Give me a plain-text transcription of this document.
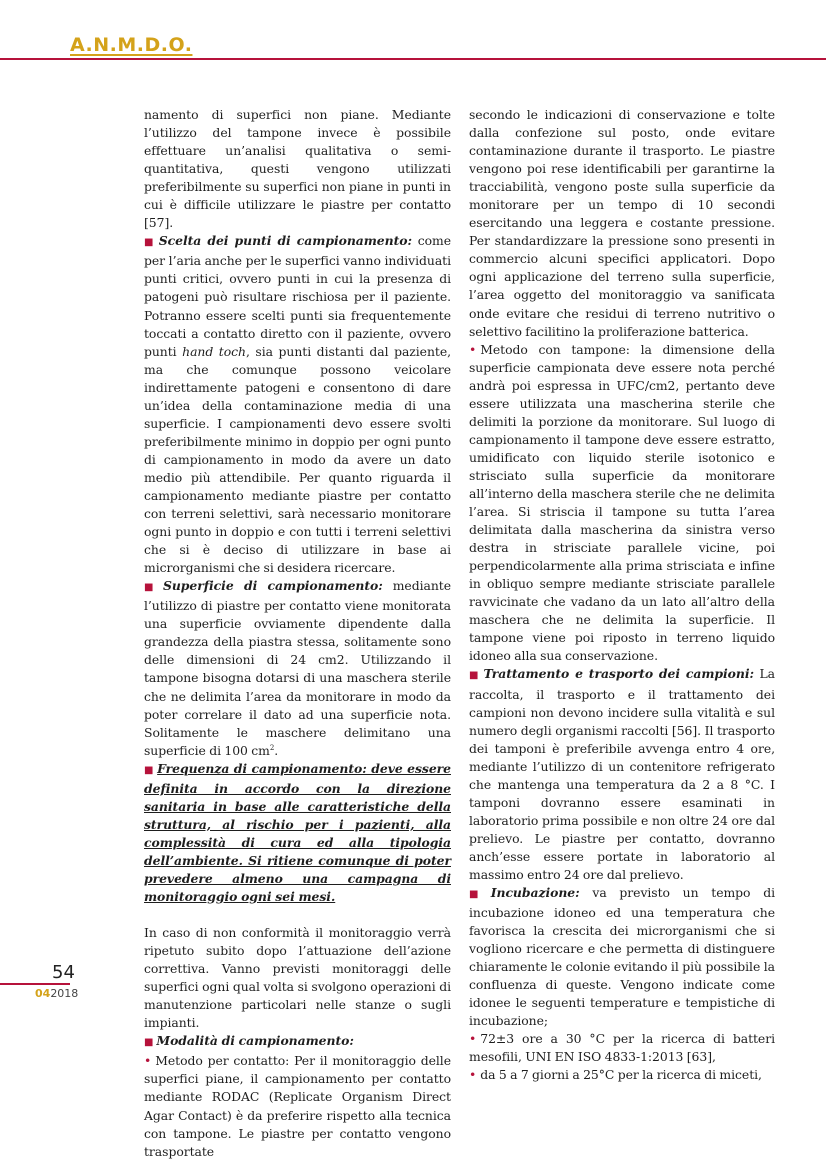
A.N.M.D.O.

namento di superfici non piane. Mediante l’utilizzo del tampone invece è possibile effettuare un’analisi qualitativa o semi-quantitativa, questi vengono utilizzati preferibilmente su superfici non piane in punti in cui è difficile utilizzare le piastre per contatto [57].

■ Scelta dei punti di campionamento: come per l’aria anche per le superfici vanno individuati punti critici, ovvero punti in cui la presenza di patogeni può risultare rischiosa per il paziente. Potranno essere scelti punti sia frequentemente toccati a contatto diretto con il paziente, ovvero punti hand toch, sia punti distanti dal paziente, ma che comunque possono veicolare indirettamente patogeni e consentono di dare un’idea della contaminazione media di una superficie. I campionamenti devo essere svolti preferibilmente minimo in doppio per ogni punto di campionamento in modo da avere un dato medio più attendibile. Per quanto riguarda il campionamento mediante piastre per contatto con terreni selettivi, sarà necessario monitorare ogni punto in doppio e con tutti i terreni selettivi che si è deciso di utilizzare in base ai microrganismi che si desidera ricercare.

■ Superficie di campionamento: mediante l’utilizzo di piastre per contatto viene monitorata una superficie ovviamente dipendente dalla grandezza della piastra stessa, solitamente sono delle dimensioni di 24 cm2. Utilizzando il tampone bisogna dotarsi di una maschera sterile che ne delimita l’area da monitorare in modo da poter correlare il dato ad una superficie nota. Solitamente le maschere delimitano una superficie di 100 $cm^2$.

■ Frequenza di campionamento: deve essere definita in accordo con la direzione sanitaria in base alle caratteristiche della struttura, al rischio per i pazienti, alla complessità di cura ed alla tipologia dell’ambiente. Si ritiene comunque di poter prevedere almeno una campagna di monitoraggio ogni sei mesi.

In caso di non conformità il monitoraggio verrà ripetuto subito dopo l’attuazione dell’azione correttiva. Vanno previsti monitoraggi delle superfici ogni qual volta si svolgono operazioni di manutenzione particolari nelle stanze o sugli impianti.

■ Modalità di campionamento:

• Metodo per contatto: Per il monitoraggio delle superfici piane, il campionamento per contatto mediante RODAC (Replicate Organism Direct Agar Contact) è da preferire rispetto alla tecnica con tampone. Le piastre per contatto vengono trasportate

secondo le indicazioni di conservazione e tolte dalla confezione sul posto, onde evitare contaminazione durante il trasporto. Le piastre vengono poi rese identificabili per garantirne la tracciabilità, vengono poste sulla superficie da monitorare per un tempo di 10 secondi esercitando una leggera e costante pressione. Per standardizzare la pressione sono presenti in commercio alcuni specifici applicatori. Dopo ogni applicazione del terreno sulla superficie, l’area oggetto del monitoraggio va sanificata onde evitare che residui di terreno nutritivo o selettivo facilitino la proliferazione batterica.

• Metodo con tampone: la dimensione della superficie campionata deve essere nota perché andrà poi espressa in UFC/cm2, pertanto deve essere utilizzata una mascherina sterile che delimiti la porzione da monitorare. Sul luogo di campionamento il tampone deve essere estratto, umidificato con liquido sterile isotonico e strisciato sulla superficie da monitorare all’interno della maschera sterile che ne delimita l’area. Si striscia il tampone su tutta l’area delimitata dalla mascherina da sinistra verso destra in strisciate parallele vicine, poi perpendicolarmente alla prima strisciata e infine in obliquo sempre mediante strisciate parallele ravvicinate che vadano da un lato all’altro della maschera che ne delimita la superficie. Il tampone viene poi riposto in terreno liquido idoneo alla sua conservazione.

■ Trattamento e trasporto dei campioni: La raccolta, il trasporto e il trattamento dei campioni non devono incidere sulla vitalità e sul numero degli organismi raccolti [56]. Il trasporto dei tamponi è preferibile avvenga entro 4 ore, mediante l’utilizzo di un contenitore refrigerato che mantenga una temperatura da 2 a 8 °C. I tamponi dovranno essere esaminati in laboratorio prima possibile e non oltre 24 ore dal prelievo. Le piastre per contatto, dovranno anch’esse essere portate in laboratorio al massimo entro 24 ore dal prelievo.

■ Incubazione: va previsto un tempo di incubazione idoneo ed una temperatura che favorisca la crescita dei microrganismi che si vogliono ricercare e che permetta di distinguere chiaramente le colonie evitando il più possibile la confluenza di queste. Vengono indicate come idonee le seguenti temperature e tempistiche di incubazione;

• 72±3 ore a 30 °C per la ricerca di batteri mesofili, UNI EN ISO 4833-1:2013 [63],

• da 5 a 7 giorni a 25°C per la ricerca di miceti,

54
042018
